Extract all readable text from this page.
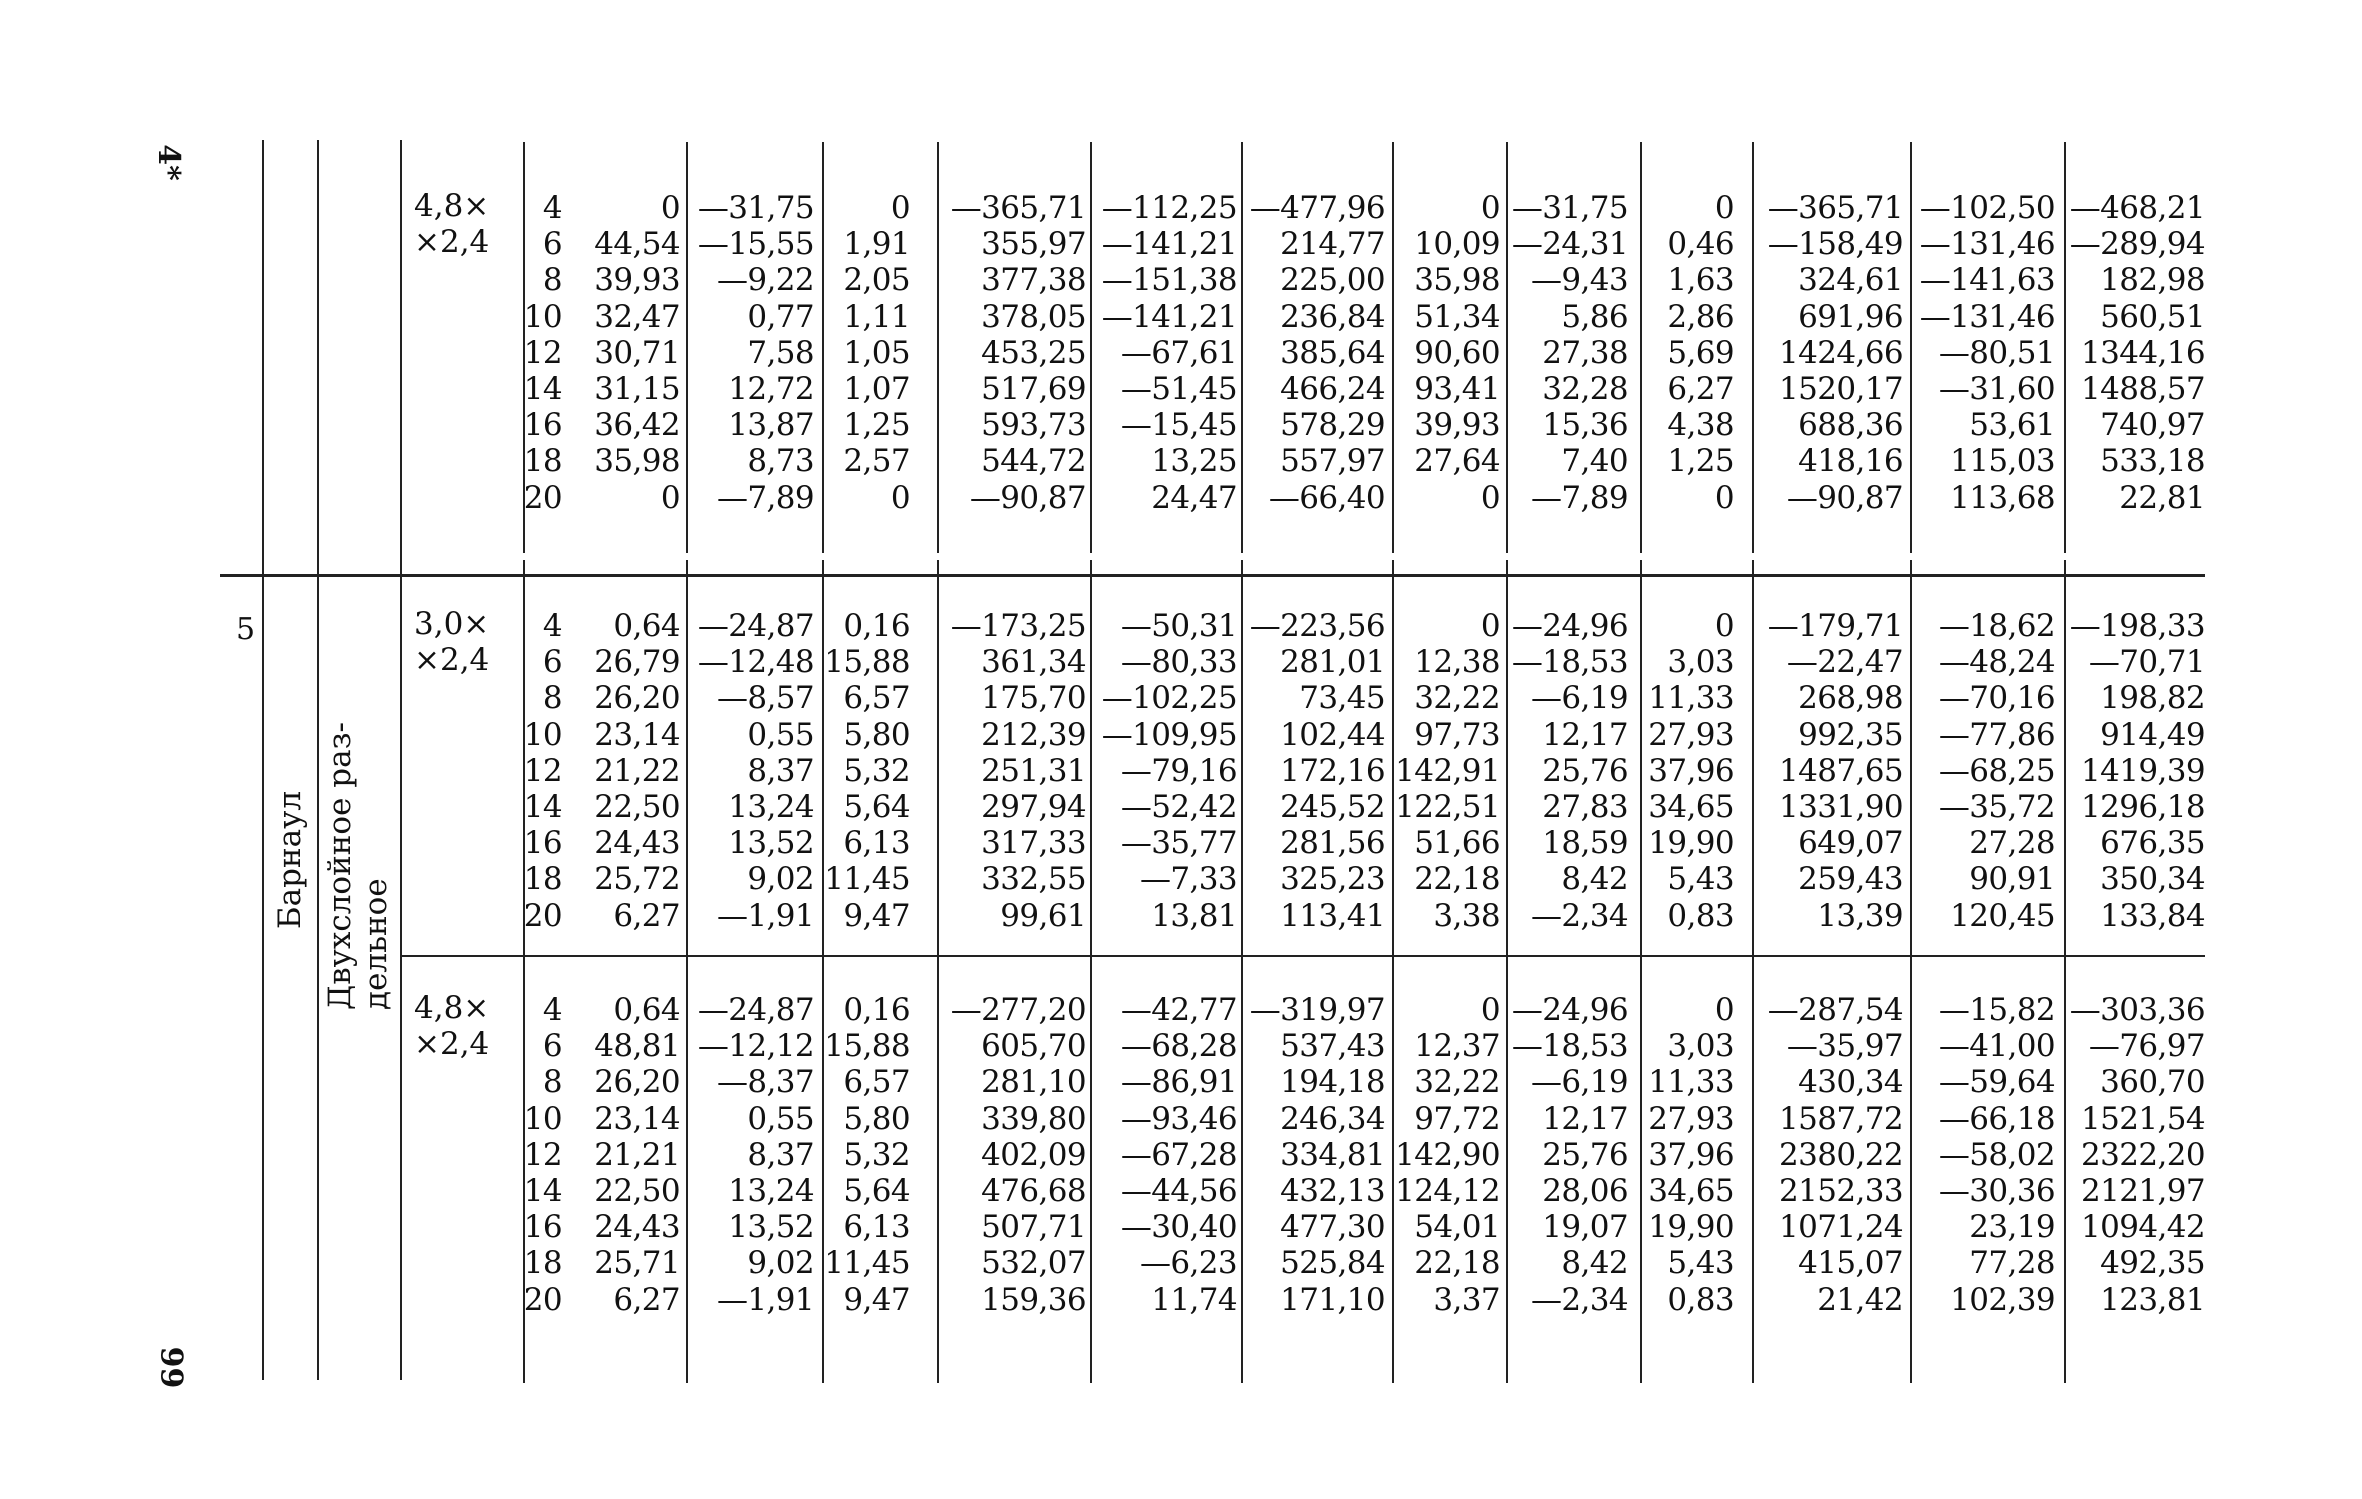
4*
99
5
Барнаул Двухслойное раз-дельное
4,8×
×2,4
4
6
8
10
12
14
16
18
20
0
44,54
39,93
32,47
30,71
31,15
36,42
35,98
0
—31,75
—15,55
—9,22
0,77
7,58
12,72
13,87
8,73
—7,89
0
1,91
2,05
1,11
1,05
1,07
1,25
2,57
0
—365,71
355,97
377,38
378,05
453,25
517,69
593,73
544,72
—90,87
—112,25
—141,21
—151,38
—141,21
—67,61
—51,45
—15,45
13,25
24,47
—477,96
214,77
225,00
236,84
385,64
466,24
578,29
557,97
—66,40
0
10,09
35,98
51,34
90,60
93,41
39,93
27,64
0
—31,75
—24,31
—9,43
5,86
27,38
32,28
15,36
7,40
—7,89
0
0,46
1,63
2,86
5,69
6,27
4,38
1,25
0
—365,71
—158,49
324,61
691,96
1424,66
1520,17
688,36
418,16
—90,87
—102,50
—131,46
—141,63
—131,46
—80,51
—31,60
53,61
115,03
113,68
—468,21
—289,94
182,98
560,51
1344,16
1488,57
740,97
533,18
22,81
3,0×
×2,4
4
6
8
10
12
14
16
18
20
0,64
26,79
26,20
23,14
21,22
22,50
24,43
25,72
6,27
—24,87
—12,48
—8,57
0,55
8,37
13,24
13,52
9,02
—1,91
0,16
15,88
6,57
5,80
5,32
5,64
6,13
11,45
9,47
—173,25
361,34
175,70
212,39
251,31
297,94
317,33
332,55
99,61
—50,31
—80,33
—102,25
—109,95
—79,16
—52,42
—35,77
—7,33
13,81
—223,56
281,01
73,45
102,44
172,16
245,52
281,56
325,23
113,41
0
12,38
32,22
97,73
142,91
122,51
51,66
22,18
3,38
—24,96
—18,53
—6,19
12,17
25,76
27,83
18,59
8,42
—2,34
0
3,03
11,33
27,93
37,96
34,65
19,90
5,43
0,83
—179,71
—22,47
268,98
992,35
1487,65
1331,90
649,07
259,43
13,39
—18,62
—48,24
—70,16
—77,86
—68,25
—35,72
27,28
90,91
120,45
—198,33
—70,71
198,82
914,49
1419,39
1296,18
676,35
350,34
133,84
4,8×
×2,4
4
6
8
10
12
14
16
18
20
0,64
48,81
26,20
23,14
21,21
22,50
24,43
25,71
6,27
—24,87
—12,12
—8,37
0,55
8,37
13,24
13,52
9,02
—1,91
0,16
15,88
6,57
5,80
5,32
5,64
6,13
11,45
9,47
—277,20
605,70
281,10
339,80
402,09
476,68
507,71
532,07
159,36
—42,77
—68,28
—86,91
—93,46
—67,28
—44,56
—30,40
—6,23
11,74
—319,97
537,43
194,18
246,34
334,81
432,13
477,30
525,84
171,10
0
12,37
32,22
97,72
142,90
124,12
54,01
22,18
3,37
—24,96
—18,53
—6,19
12,17
25,76
28,06
19,07
8,42
—2,34
0
3,03
11,33
27,93
37,96
34,65
19,90
5,43
0,83
—287,54
—35,97
430,34
1587,72
2380,22
2152,33
1071,24
415,07
21,42
—15,82
—41,00
—59,64
—66,18
—58,02
—30,36
23,19
77,28
102,39
—303,36
—76,97
360,70
1521,54
2322,20
2121,97
1094,42
492,35
123,81
